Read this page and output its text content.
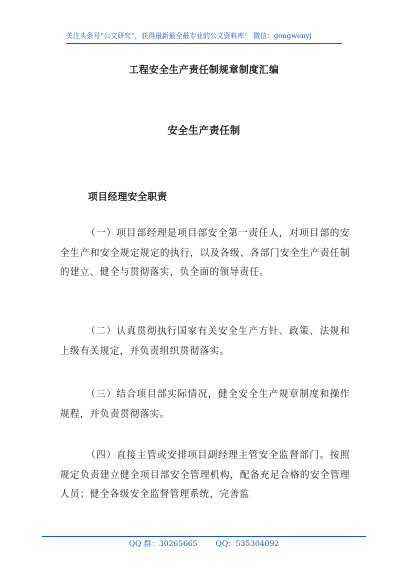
关注头条号“公文研究”，获得最新最全最专业的公文资料库！ 微信：gongwenyj
工程安全生产责任制规章制度汇编
安全生产责任制
项目经理安全职责

（一）项目部经理是项目部安全第一责任人，对项目部的安全生产和安全规定规定的执行，以及各级、各部门安全生产责任制的建立、健全与贯彻落实，负全面的领导责任。

（二）认真贯彻执行国家有关安全生产方针、政策、法规和上级有关规定，并负责组织贯彻落实。

（三）结合项目部实际情况，健全安全生产规章制度和操作规程，并负责贯彻落实。

（四）直接主管或安排项目副经理主管安全监督部门。按照规定负责建立健全项目部安全管理机构，配备充足合格的安全管理人员；健全各级安全监督管理系统，完善监

QQ 群：30265665 QQ：535304092
